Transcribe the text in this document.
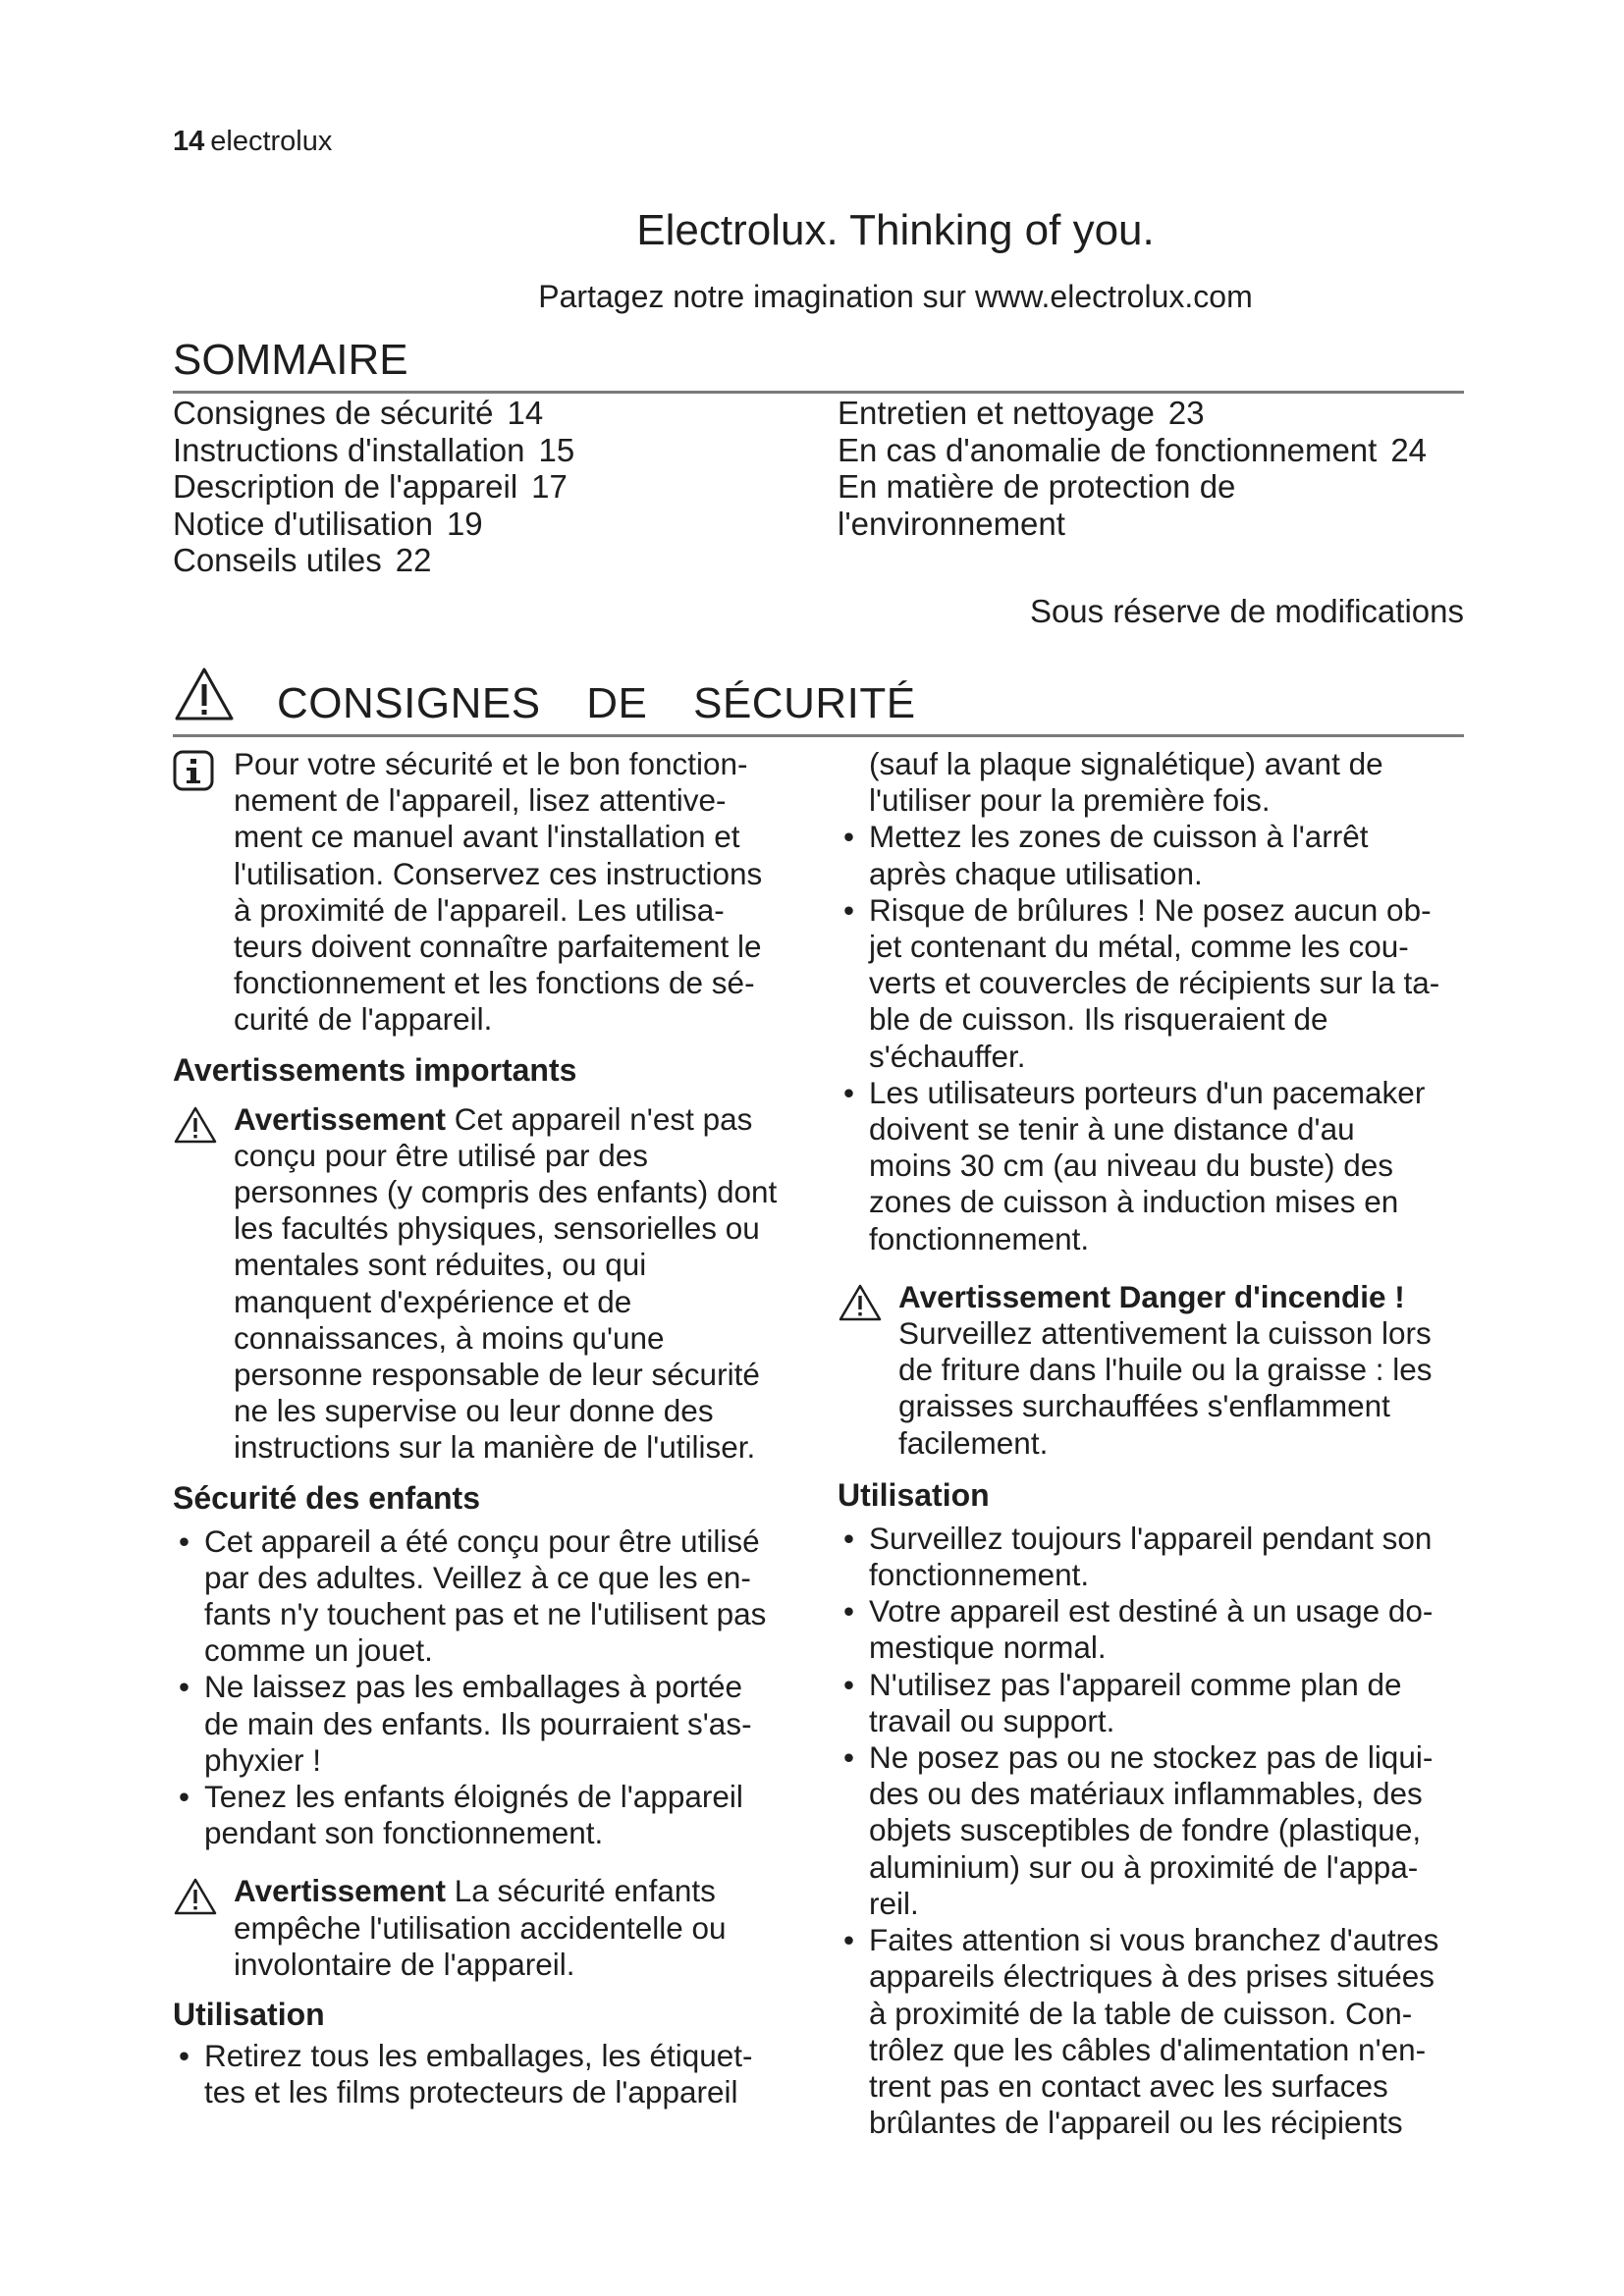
14 electrolux
Electrolux. Thinking of you.
Partagez notre imagination sur www.electrolux.com
SOMMAIRE
Consignes de sécurité 14
Instructions d'installation 15
Description de l'appareil 17
Notice d'utilisation 19
Conseils utiles 22
Entretien et nettoyage 23
En cas d'anomalie de fonctionnement 24
En matière de protection de
l'environnement
Sous réserve de modifications
CONSIGNES DE SÉCURITÉ

Pour votre sécurité et le bon fonction-
nement de l'appareil, lisez attentive-
ment ce manuel avant l'installation et
l'utilisation. Conservez ces instructions
à proximité de l'appareil. Les utilisa-
teurs doivent connaître parfaitement le
fonctionnement et les fonctions de sé-
curité de l'appareil.

Avertissements importants

Avertissement Cet appareil n'est pas
conçu pour être utilisé par des
personnes (y compris des enfants) dont
les facultés physiques, sensorielles ou
mentales sont réduites, ou qui
manquent d'expérience et de
connaissances, à moins qu'une
personne responsable de leur sécurité
ne les supervise ou leur donne des
instructions sur la manière de l'utiliser.

Sécurité des enfants
• Cet appareil a été conçu pour être utilisé
par des adultes. Veillez à ce que les en-
fants n'y touchent pas et ne l'utilisent pas
comme un jouet.
• Ne laissez pas les emballages à portée
de main des enfants. Ils pourraient s'as-
phyxier !
• Tenez les enfants éloignés de l'appareil
pendant son fonctionnement.

Avertissement La sécurité enfants
empêche l'utilisation accidentelle ou
involontaire de l'appareil.

Utilisation
• Retirez tous les emballages, les étiquet-
tes et les films protecteurs de l'appareil

(sauf la plaque signalétique) avant de
l'utiliser pour la première fois.

• Mettez les zones de cuisson à l'arrêt
après chaque utilisation.
• Risque de brûlures ! Ne posez aucun ob-
jet contenant du métal, comme les cou-
verts et couvercles de récipients sur la ta-
ble de cuisson. Ils risqueraient de
s'échauffer.
• Les utilisateurs porteurs d'un pacemaker
doivent se tenir à une distance d'au
moins 30 cm (au niveau du buste) des
zones de cuisson à induction mises en
fonctionnement.

Avertissement Danger d'incendie !
Surveillez attentivement la cuisson lors
de friture dans l'huile ou la graisse : les
graisses surchauffées s'enflamment
facilement.

Utilisation
• Surveillez toujours l'appareil pendant son
fonctionnement.
• Votre appareil est destiné à un usage do-
mestique normal.
• N'utilisez pas l'appareil comme plan de
travail ou support.
• Ne posez pas ou ne stockez pas de liqui-
des ou des matériaux inflammables, des
objets susceptibles de fondre (plastique,
aluminium) sur ou à proximité de l'appa-
reil.
• Faites attention si vous branchez d'autres
appareils électriques à des prises situées
à proximité de la table de cuisson. Con-
trôlez que les câbles d'alimentation n'en-
trent pas en contact avec les surfaces
brûlantes de l'appareil ou les récipients
